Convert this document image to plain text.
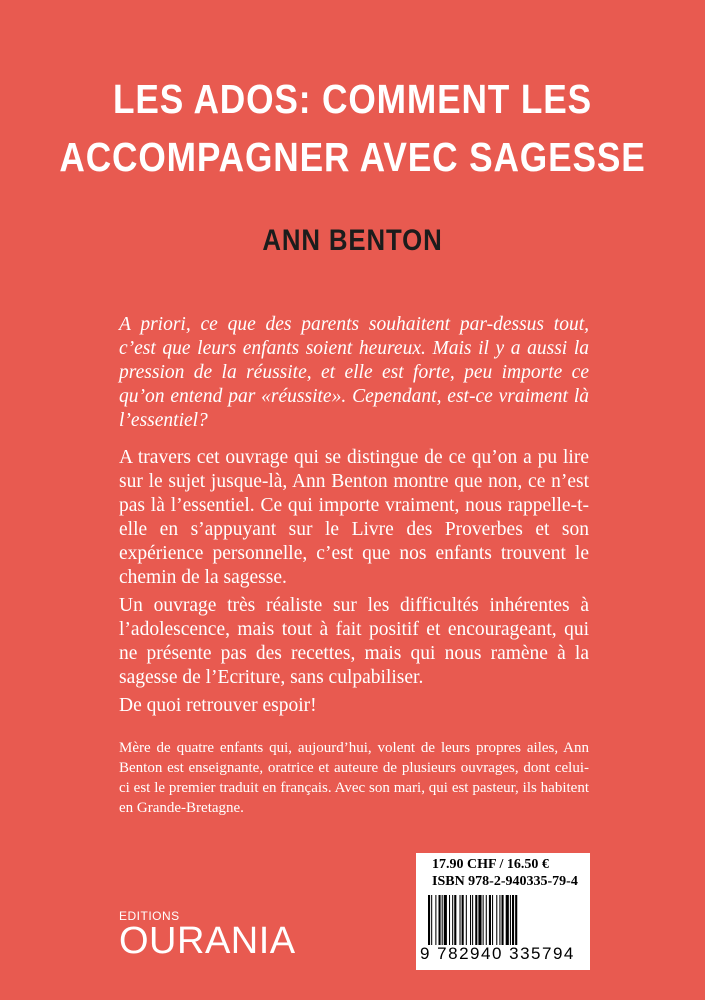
LES ADOS: COMMENT LES
ACCOMPAGNER AVEC SAGESSE
ANN BENTON
A priori, ce que des parents souhaitent par-dessus tout, c’est que leurs enfants soient heureux. Mais il y a aussi la pression de la réussite, et elle est forte, peu importe ce qu’on entend par «réussite». Cependant, est-ce vraiment là l’essentiel?
A travers cet ouvrage qui se distingue de ce qu’on a pu lire sur le sujet jusque-là, Ann Benton montre que non, ce n’est pas là l’essentiel. Ce qui importe vraiment, nous rappelle-t-elle en s’appuyant sur le Livre des Proverbes et son expérience personnelle, c’est que nos enfants trouvent le chemin de la sagesse.
Un ouvrage très réaliste sur les difficultés inhérentes à l’adolescence, mais tout à fait positif et encourageant, qui ne présente pas des recettes, mais qui nous ramène à la sagesse de l’Ecriture, sans culpabiliser.
De quoi retrouver espoir!
Mère de quatre enfants qui, aujourd’hui, volent de leurs propres ailes, Ann Benton est enseignante, oratrice et auteure de plusieurs ouvrages, dont celui-ci est le premier traduit en français. Avec son mari, qui est pasteur, ils habitent en Grande-Bretagne.
EDITIONS
OURANIA
17.90 CHF / 16.50 €
ISBN 978-2-940335-79-4
9 782940 335794
